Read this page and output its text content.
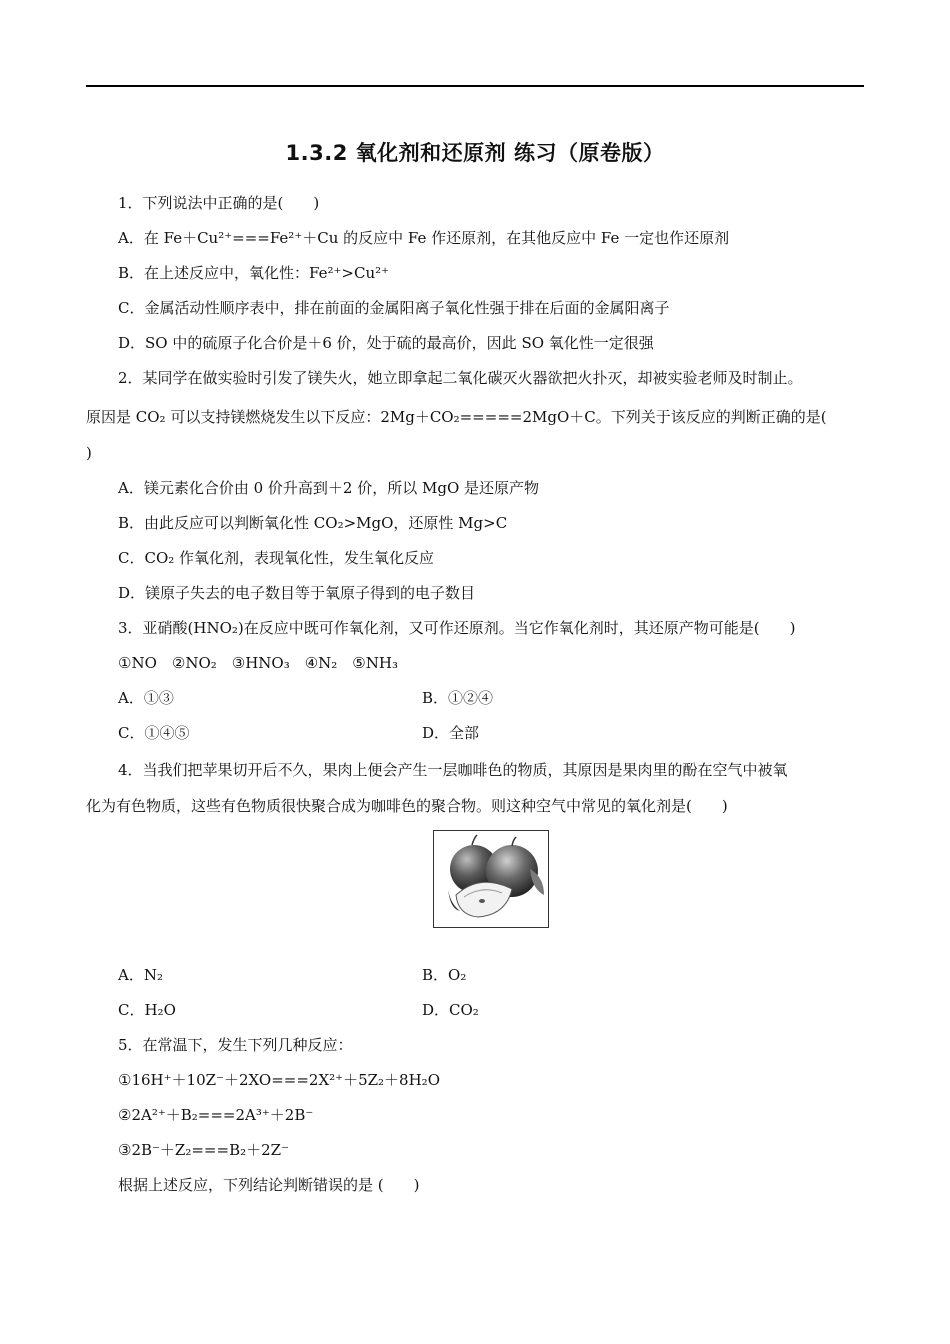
1.3.2 氧化剂和还原剂 练习（原卷版）
1．下列说法中正确的是(　　)
A．在 Fe＋Cu²⁺===Fe²⁺＋Cu 的反应中 Fe 作还原剂，在其他反应中 Fe 一定也作还原剂
B．在上述反应中，氧化性：Fe²⁺>Cu²⁺
C．金属活动性顺序表中，排在前面的金属阳离子氧化性强于排在后面的金属阳离子
D．SO 中的硫原子化合价是＋6 价，处于硫的最高价，因此 SO 氧化性一定很强
2．某同学在做实验时引发了镁失火，她立即拿起二氧化碳灭火器欲把火扑灭，却被实验老师及时制止。
原因是 CO₂ 可以支持镁燃烧发生以下反应：2Mg＋CO₂=====2MgO＋C。下列关于该反应的判断正确的是(
)
A．镁元素化合价由 0 价升高到＋2 价，所以 MgO 是还原产物
B．由此反应可以判断氧化性 CO₂>MgO，还原性 Mg>C
C．CO₂ 作氧化剂，表现氧化性，发生氧化反应
D．镁原子失去的电子数目等于氧原子得到的电子数目
3．亚硝酸(HNO₂)在反应中既可作氧化剂，又可作还原剂。当它作氧化剂时，其还原产物可能是(　　)
①NO　②NO₂　③HNO₃　④N₂　⑤NH₃
A．①③	B．①②④
C．①④⑤	D．全部
4．当我们把苹果切开后不久，果肉上便会产生一层咖啡色的物质，其原因是果肉里的酚在空气中被氧
化为有色物质，这些有色物质很快聚合成为咖啡色的聚合物。则这种空气中常见的氧化剂是(　　)
A．N₂	B．O₂
C．H₂O	D．CO₂
5．在常温下，发生下列几种反应：
①16H⁺＋10Z⁻＋2XO===2X²⁺＋5Z₂＋8H₂O
②2A²⁺＋B₂===2A³⁺＋2B⁻
③2B⁻＋Z₂===B₂＋2Z⁻
根据上述反应，下列结论判断错误的是 (　　)
